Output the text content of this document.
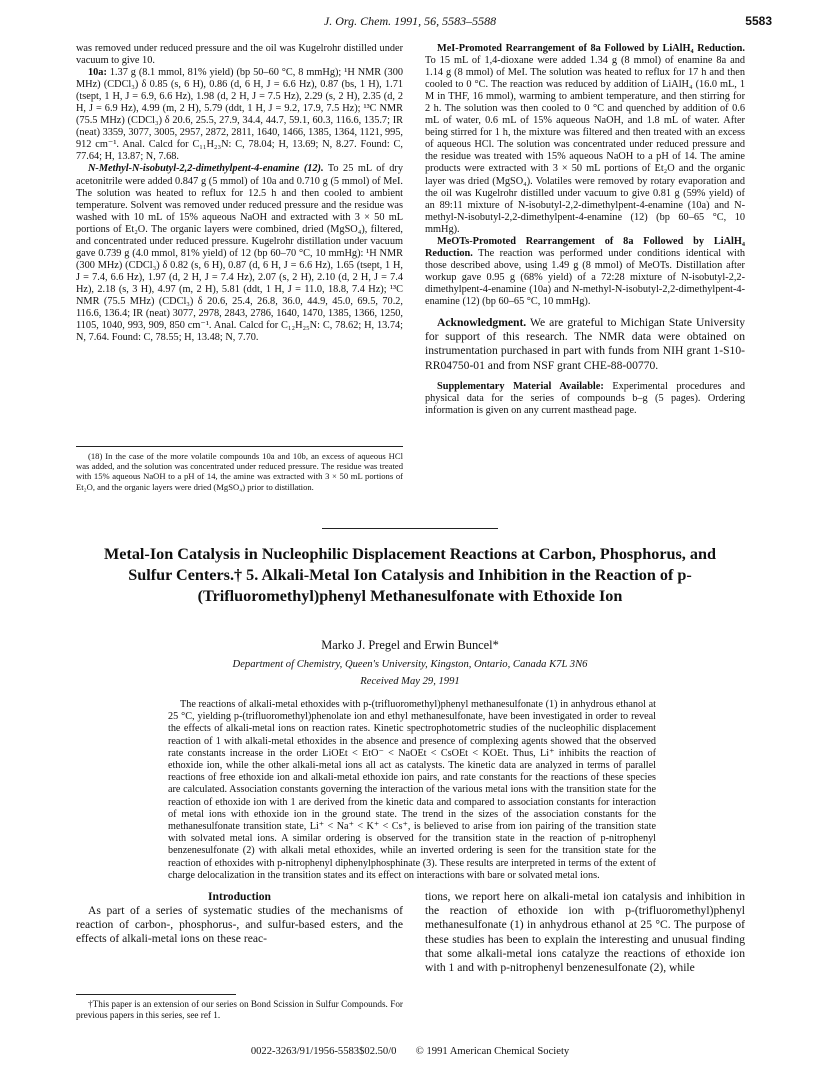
J. Org. Chem. 1991, 56, 5583–5588	5583

was removed under reduced pressure and the oil was Kugelrohr distilled under vacuum to give 10.

10a: 1.37 g (8.1 mmol, 81% yield) (bp 50–60 °C, 8 mmHg); ¹H NMR (300 MHz) (CDCl₃) δ 0.85 (s, 6 H), 0.86 (d, 6 H, J = 6.6 Hz), 0.87 (bs, 1 H), 1.71 (tsept, 1 H, J = 6.9, 6.6 Hz), 1.98 (d, 2 H, J = 7.5 Hz), 2.29 (s, 2 H), 2.35 (d, 2 H, J = 6.9 Hz), 4.99 (m, 2 H), 5.79 (ddt, 1 H, J = 9.2, 17.9, 7.5 Hz); ¹³C NMR (75.5 MHz) (CDCl₃) δ 20.6, 25.5, 27.9, 34.4, 44.7, 59.1, 60.3, 116.6, 135.7; IR (neat) 3359, 3077, 3005, 2957, 2872, 2811, 1640, 1466, 1385, 1364, 1121, 995, 912 cm⁻¹. Anal. Calcd for C₁₁H₂₃N: C, 78.04; H, 13.69; N, 8.27. Found: C, 77.64; H, 13.87; N, 7.68.

N-Methyl-N-isobutyl-2,2-dimethylpent-4-enamine (12). To 25 mL of dry acetonitrile were added 0.847 g (5 mmol) of 10a and 0.710 g (5 mmol) of MeI. The solution was heated to reflux for 12.5 h and then cooled to ambient temperature. Solvent was removed under reduced pressure and the residue was washed with 10 mL of 15% aqueous NaOH and extracted with 3 × 50 mL portions of Et₂O. The organic layers were combined, dried (MgSO₄), filtered, and concentrated under reduced pressure. Kugelrohr distillation under vacuum gave 0.739 g (4.0 mmol, 81% yield) of 12 (bp 60–70 °C, 10 mmHg): ¹H NMR (300 MHz) (CDCl₃) δ 0.82 (s, 6 H), 0.87 (d, 6 H, J = 6.6 Hz), 1.65 (tsept, 1 H, J = 7.4, 6.6 Hz), 1.97 (d, 2 H, J = 7.4 Hz), 2.07 (s, 2 H), 2.10 (d, 2 H, J = 7.4 Hz), 2.18 (s, 3 H), 4.97 (m, 2 H), 5.81 (ddt, 1 H, J = 11.0, 18.8, 7.4 Hz); ¹³C NMR (75.5 MHz) (CDCl₃) δ 20.6, 25.4, 26.8, 36.0, 44.9, 45.0, 69.5, 70.2, 116.6, 136.4; IR (neat) 3077, 2978, 2843, 2786, 1640, 1470, 1385, 1366, 1250, 1105, 1040, 993, 909, 850 cm⁻¹. Anal. Calcd for C₁₂H₂₅N: C, 78.62; H, 13.74; N, 7.64. Found: C, 78.55; H, 13.48; N, 7.70.

(18) In the case of the more volatile compounds 10a and 10b, an excess of aqueous HCl was added, and the solution was concentrated under reduced pressure. The residue was treated with 15% aqueous NaOH to a pH of 14, the amine was extracted with 3 × 50 mL portions of Et₂O, and the organic layers were dried (MgSO₄) prior to distillation.

MeI-Promoted Rearrangement of 8a Followed by LiAlH₄ Reduction. To 15 mL of 1,4-dioxane were added 1.34 g (8 mmol) of enamine 8a and 1.14 g (8 mmol) of MeI. The solution was heated to reflux for 17 h and then cooled to 0 °C. The reaction was reduced by addition of LiAlH₄ (16.0 mL, 1 M in THF, 16 mmol), warming to ambient temperature, and then stirring for 2 h. The solution was then cooled to 0 °C and quenched by addition of 0.6 mL of water, 0.6 mL of 15% aqueous NaOH, and 1.8 mL of water. After being stirred for 1 h, the mixture was filtered and then treated with an excess of aqueous HCl. The solution was concentrated under reduced pressure and the residue was treated with 15% aqueous NaOH to a pH of 14. The amine products were extracted with 3 × 50 mL portions of Et₂O and the organic layer was dried (MgSO₄). Volatiles were removed by rotary evaporation and the oil was Kugelrohr distilled under vacuum to give 0.81 g (59% yield) of an 89:11 mixture of N-isobutyl-2,2-dimethylpent-4-enamine (10a) and N-methyl-N-isobutyl-2,2-dimethylpent-4-enamine (12) (bp 60–65 °C, 10 mmHg).

MeOTs-Promoted Rearrangement of 8a Followed by LiAlH₄ Reduction. The reaction was performed under conditions identical with those described above, using 1.49 g (8 mmol) of MeOTs. Distillation after workup gave 0.95 g (68% yield) of a 72:28 mixture of N-isobutyl-2,2-dimethylpent-4-enamine (10a) and N-methyl-N-isobutyl-2,2-dimethylpent-4-enamine (12) (bp 60–65 °C, 10 mmHg).

Acknowledgment. We are grateful to Michigan State University for support of this research. The NMR data were obtained on instrumentation purchased in part with funds from NIH grant 1-S10-RR04750-01 and from NSF grant CHE-88-00770.

Supplementary Material Available: Experimental procedures and physical data for the series of compounds b–g (5 pages). Ordering information is given on any current masthead page.

Metal-Ion Catalysis in Nucleophilic Displacement Reactions at Carbon, Phosphorus, and Sulfur Centers.† 5. Alkali-Metal Ion Catalysis and Inhibition in the Reaction of p-(Trifluoromethyl)phenyl Methanesulfonate with Ethoxide Ion
Marko J. Pregel and Erwin Buncel*
Department of Chemistry, Queen's University, Kingston, Ontario, Canada K7L 3N6
Received May 29, 1991

The reactions of alkali-metal ethoxides with p-(trifluoromethyl)phenyl methanesulfonate (1) in anhydrous ethanol at 25 °C, yielding p-(trifluoromethyl)phenolate ion and ethyl methanesulfonate, have been investigated in order to reveal the effects of alkali-metal ions on reaction rates. Kinetic spectrophotometric studies of the nucleophilic displacement reaction of 1 with alkali-metal ethoxides in the absence and presence of complexing agents showed that the observed rate constants increase in the order LiOEt < EtO⁻ < NaOEt < CsOEt < KOEt. Thus, Li⁺ inhibits the reaction of ethoxide ion, while the other alkali-metal ions all act as catalysts. The kinetic data are analyzed in terms of parallel reactions of free ethoxide ion and alkali-metal ethoxide ion pairs, and rate constants for the reactions of these species are calculated. Association constants governing the interaction of the various metal ions with the transition state for the reaction of ethoxide ion with 1 are derived from the kinetic data and compared to association constants for interaction of metal ions with ethoxide ion in the ground state. The trend in the sizes of the association constants for the methanesulfonate transition state, Li⁺ < Na⁺ < K⁺ < Cs⁺, is believed to arise from ion pairing of the transition state with solvated metal ions. A similar ordering is observed for the transition state in the reaction of p-nitrophenyl benzenesulfonate (2) with alkali metal ethoxides, while an inverted ordering is seen for the transition state for the reaction of ethoxides with p-nitrophenyl diphenylphosphinate (3). These results are interpreted in terms of the extent of charge delocalization in the transition states and its effect on interactions with bare or solvated metal ions.

Introduction

As part of a series of systematic studies of the mechanisms of reaction of carbon-, phosphorus-, and sulfur-based esters, and the effects of alkali-metal ions on these reac-

†This paper is an extension of our series on Bond Scission in Sulfur Compounds. For previous papers in this series, see ref 1.

tions, we report here on alkali-metal ion catalysis and inhibition in the reaction of ethoxide ion with p-(trifluoromethyl)phenyl methanesulfonate (1) in anhydrous ethanol at 25 °C. The purpose of these studies has been to explain the interesting and unusual finding that some alkali-metal ions catalyze the reactions of ethoxide ion with 1 and with p-nitrophenyl benzenesulfonate (2), while

0022-3263/91/1956-5583$02.50/0 © 1991 American Chemical Society
